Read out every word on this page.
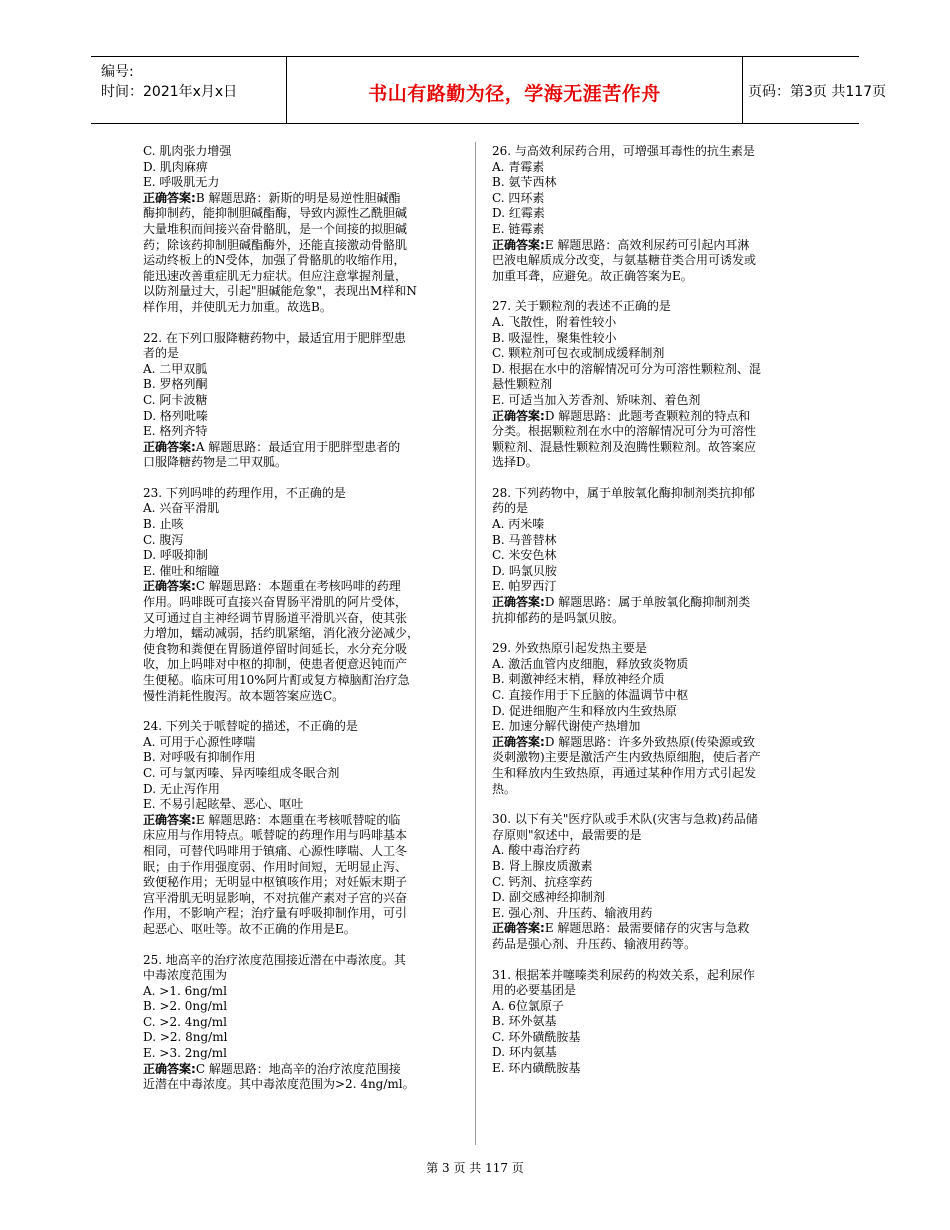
编号:
时间：2021年x月x日	书山有路勤为径，学海无涯苦作舟	页码：第3页 共117页
C. 肌肉张力增强
D. 肌肉麻痹
E. 呼吸肌无力
正确答案:B 解题思路：新斯的明是易逆性胆碱酯
酶抑制药，能抑制胆碱酯酶，导致内源性乙酰胆碱
大量堆积而间接兴奋骨骼肌，是一个间接的拟胆碱
药；除该药抑制胆碱酯酶外，还能直接激动骨骼肌
运动终板上的N受体，加强了骨骼肌的收缩作用，
能迅速改善重症肌无力症状。但应注意掌握剂量，
以防剂量过大，引起"胆碱能危象"，表现出M样和N
样作用，并使肌无力加重。故选B。
22. 在下列口服降糖药物中，最适宜用于肥胖型患
者的是
A. 二甲双胍
B. 罗格列酮
C. 阿卡波糖
D. 格列吡嗪
E. 格列齐特
正确答案:A 解题思路：最适宜用于肥胖型患者的
口服降糖药物是二甲双胍。
23. 下列吗啡的药理作用，不正确的是
A. 兴奋平滑肌
B. 止咳
C. 腹泻
D. 呼吸抑制
E. 催吐和缩瞳
正确答案:C 解题思路：本题重在考核吗啡的药理
作用。吗啡既可直接兴奋胃肠平滑肌的阿片受体，
又可通过自主神经调节胃肠道平滑肌兴奋，使其张
力增加，蠕动减弱，括约肌紧缩，消化液分泌减少，
使食物和粪便在胃肠道停留时间延长，水分充分吸
收，加上吗啡对中枢的抑制，使患者便意迟钝而产
生便秘。临床可用10%阿片酊或复方樟脑酊治疗急
慢性消耗性腹泻。故本题答案应选C。
24. 下列关于哌替啶的描述，不正确的是
A. 可用于心源性哮喘
B. 对呼吸有抑制作用
C. 可与氯丙嗪、异丙嗪组成冬眠合剂
D. 无止泻作用
E. 不易引起眩晕、恶心、呕吐
正确答案:E 解题思路：本题重在考核哌替啶的临
床应用与作用特点。哌替啶的药理作用与吗啡基本
相同，可替代吗啡用于镇痛、心源性哮喘、人工冬
眠；由于作用强度弱、作用时间短，无明显止泻、
致便秘作用；无明显中枢镇咳作用；对妊娠末期子
宫平滑肌无明显影响，不对抗催产素对子宫的兴奋
作用，不影响产程；治疗量有呼吸抑制作用，可引
起恶心、呕吐等。故不正确的作用是E。
25. 地高辛的治疗浓度范围接近潜在中毒浓度。其
中毒浓度范围为
A. >1. 6ng/ml
B. >2. 0ng/ml
C. >2. 4ng/ml
D. >2. 8ng/ml
E. >3. 2ng/ml
正确答案:C 解题思路：地高辛的治疗浓度范围接
近潜在中毒浓度。其中毒浓度范围为>2. 4ng/ml。
26. 与高效利尿药合用，可增强耳毒性的抗生素是
A. 青霉素
B. 氨苄西林
C. 四环素
D. 红霉素
E. 链霉素
正确答案:E 解题思路：高效利尿药可引起内耳淋
巴液电解质成分改变，与氨基糖苷类合用可诱发或
加重耳聋，应避免。故正确答案为E。
27. 关于颗粒剂的表述不正确的是
A. 飞散性，附着性较小
B. 吸湿性，聚集性较小
C. 颗粒剂可包衣或制成缓释制剂
D. 根据在水中的溶解情况可分为可溶性颗粒剂、混
悬性颗粒剂
E. 可适当加入芳香剂、矫味剂、着色剂
正确答案:D 解题思路：此题考查颗粒剂的特点和
分类。根据颗粒剂在水中的溶解情况可分为可溶性
颗粒剂、混悬性颗粒剂及泡腾性颗粒剂。故答案应
选择D。
28. 下列药物中，属于单胺氧化酶抑制剂类抗抑郁
药的是
A. 丙米嗪
B. 马普替林
C. 米安色林
D. 吗氯贝胺
E. 帕罗西汀
正确答案:D 解题思路：属于单胺氧化酶抑制剂类
抗抑郁药的是吗氯贝胺。
29. 外致热原引起发热主要是
A. 激活血管内皮细胞，释放致炎物质
B. 刺激神经末梢，释放神经介质
C. 直接作用于下丘脑的体温调节中枢
D. 促进细胞产生和释放内生致热原
E. 加速分解代谢使产热增加
正确答案:D 解题思路：许多外致热原(传染源或致
炎刺激物)主要是激活产生内致热原细胞，使后者产
生和释放内生致热原，再通过某种作用方式引起发
热。
30. 以下有关"医疗队或手术队(灾害与急救)药品储
存原则"叙述中，最需要的是
A. 酸中毒治疗药
B. 肾上腺皮质激素
C. 钙剂、抗痉挛药
D. 副交感神经抑制剂
E. 强心剂、升压药、输液用药
正确答案:E 解题思路：最需要储存的灾害与急救
药品是强心剂、升压药、输液用药等。
31. 根据苯并噻嗪类利尿药的构效关系，起利尿作
用的必要基团是
A. 6位氯原子
B. 环外氨基
C. 环外磺酰胺基
D. 环内氨基
E. 环内磺酰胺基
第 3 页 共 117 页
